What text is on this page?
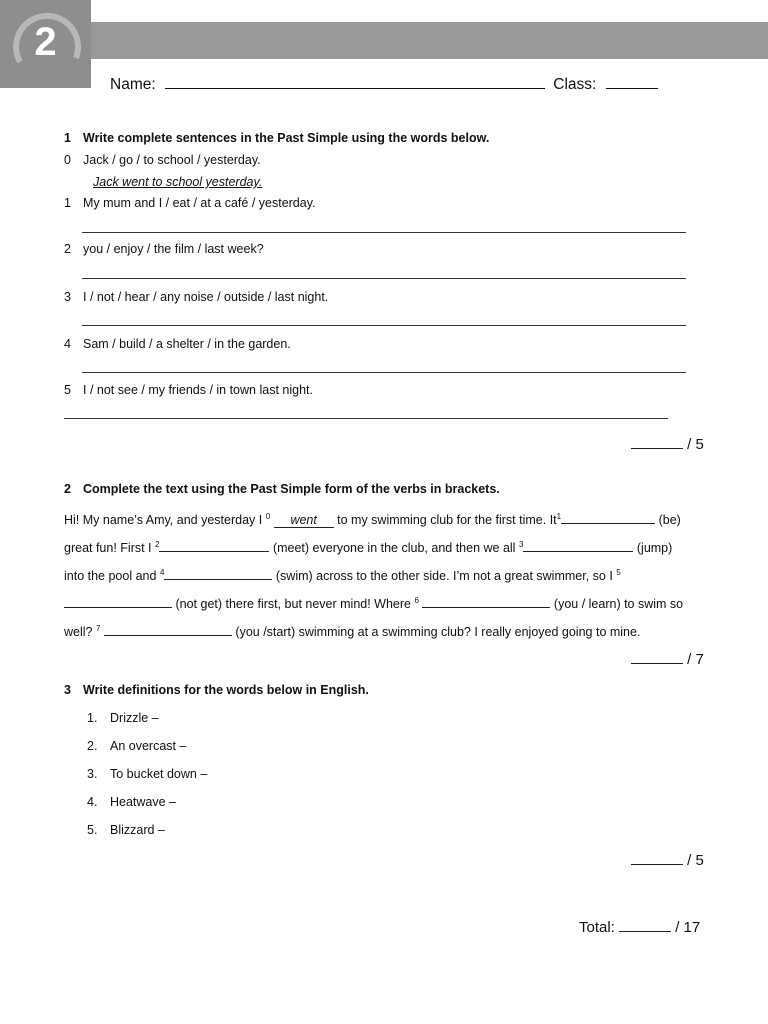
2
Name:	Class:
1 Write complete sentences in the Past Simple using the words below.
0 Jack / go / to school / yesterday.
Jack went to school yesterday.
1 My mum and I / eat / at a café / yesterday.
2 you / enjoy / the film / last week?
3 I / not / hear / any noise / outside / last night.
4 Sam / build / a shelter / in the garden.
5 I / not see / my friends / in town last night.
/ 5
2 Complete the text using the Past Simple form of the verbs in brackets.
Hi! My name’s Amy, and yesterday I $^0$ went to my swimming club for the first time. It$^1$	(be)
great fun! First I $^2$	(meet) everyone in the club, and then we all $^3$	(jump)
into the pool and $^4$	(swim) across to the other side. I’m not a great swimmer, so I $^5$
(not get) there first, but never mind! Where $^6$	(you / learn) to swim so
well? $^7$	(you /start) swimming at a swimming club? I really enjoyed going to mine.
/ 7
3 Write definitions for the words below in English.
1. Drizzle –
2. An overcast –
3. To bucket down –
4. Heatwave –
5. Blizzard –
/ 5
Total:	/ 17
